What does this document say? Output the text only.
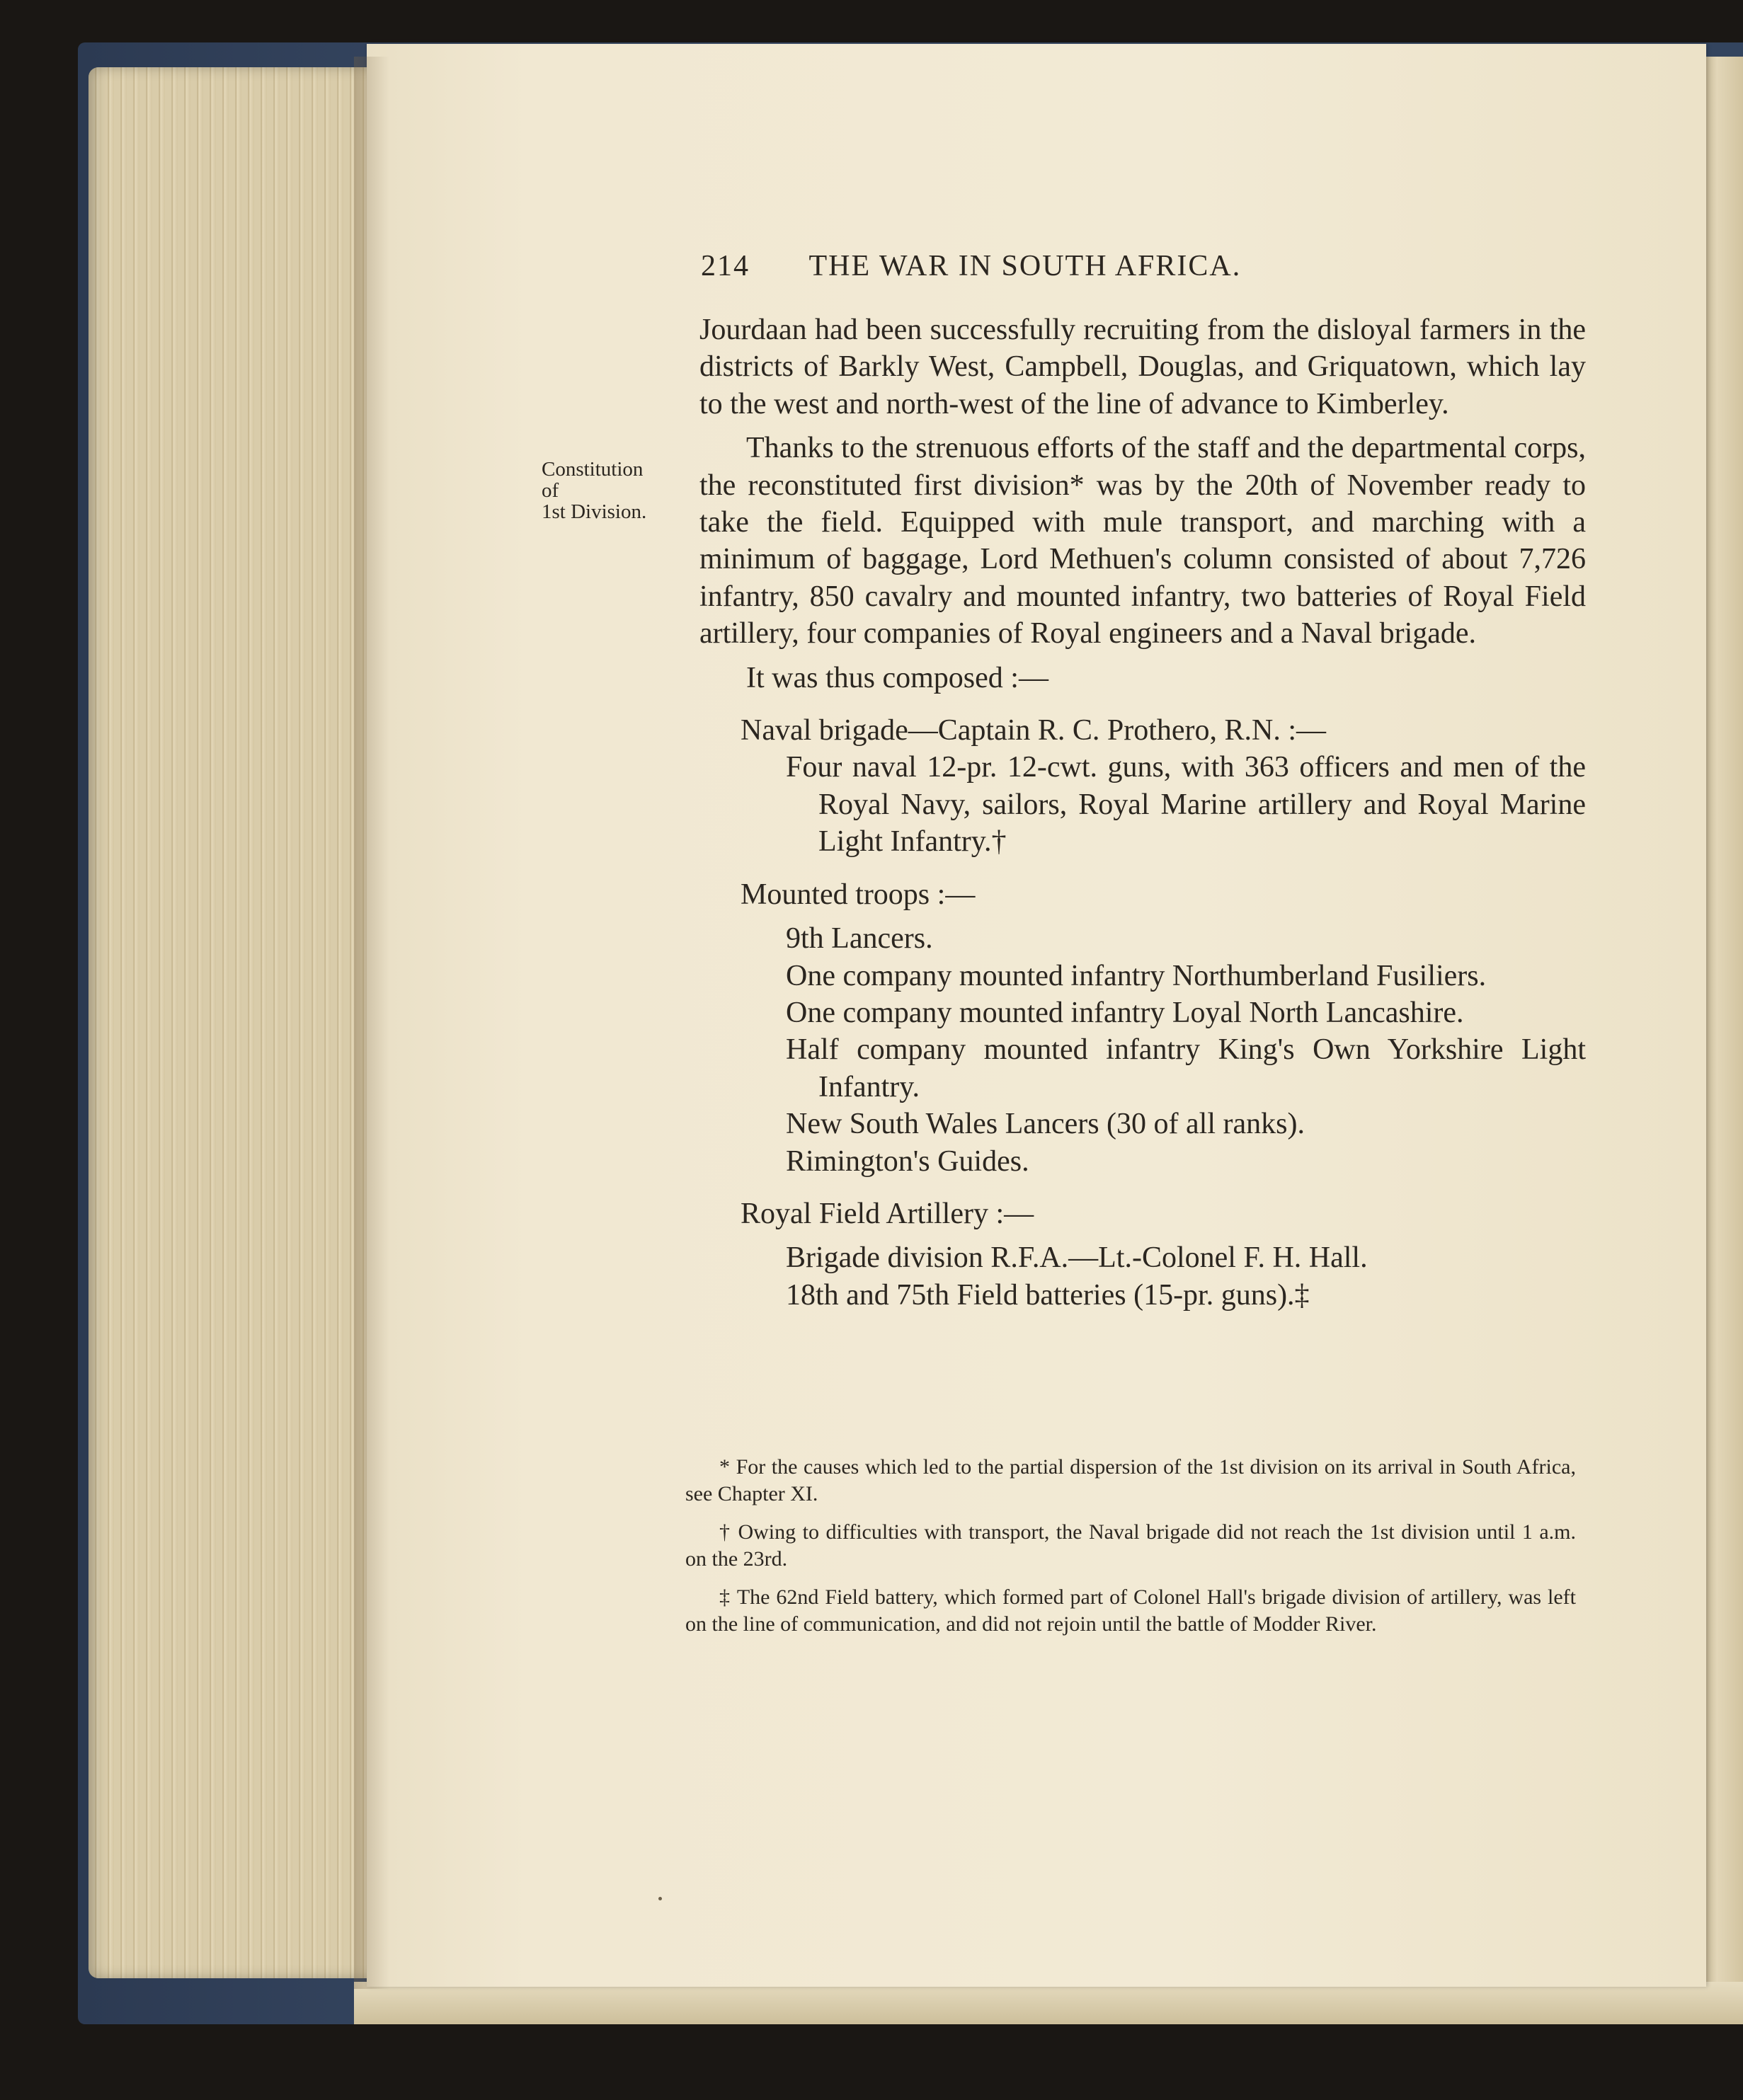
214 THE WAR IN SOUTH AFRICA.
Constitution
of
1st Division.

Jourdaan had been successfully recruiting from the disloyal farmers in the districts of Barkly West, Campbell, Douglas, and Griquatown, which lay to the west and north-west of the line of advance to Kimberley.

Thanks to the strenuous efforts of the staff and the departmental corps, the reconstituted first division* was by the 20th of November ready to take the field. Equipped with mule transport, and marching with a minimum of baggage, Lord Methuen's column consisted of about 7,726 infantry, 850 cavalry and mounted infantry, two batteries of Royal Field artillery, four companies of Royal engineers and a Naval brigade.

It was thus composed :—

Naval brigade—Captain R. C. Prothero, R.N. :—

Four naval 12-pr. 12-cwt. guns, with 363 officers and men of the Royal Navy, sailors, Royal Marine artillery and Royal Marine Light Infantry.†

Mounted troops :—

9th Lancers.

One company mounted infantry Northumberland Fusiliers.

One company mounted infantry Loyal North Lancashire.

Half company mounted infantry King's Own Yorkshire Light Infantry.

New South Wales Lancers (30 of all ranks).

Rimington's Guides.

Royal Field Artillery :—

Brigade division R.F.A.—Lt.-Colonel F. H. Hall.

18th and 75th Field batteries (15-pr. guns).‡

* For the causes which led to the partial dispersion of the 1st division on its arrival in South Africa, see Chapter XI.

† Owing to difficulties with transport, the Naval brigade did not reach the 1st division until 1 a.m. on the 23rd.

‡ The 62nd Field battery, which formed part of Colonel Hall's brigade division of artillery, was left on the line of communication, and did not rejoin until the battle of Modder River.
